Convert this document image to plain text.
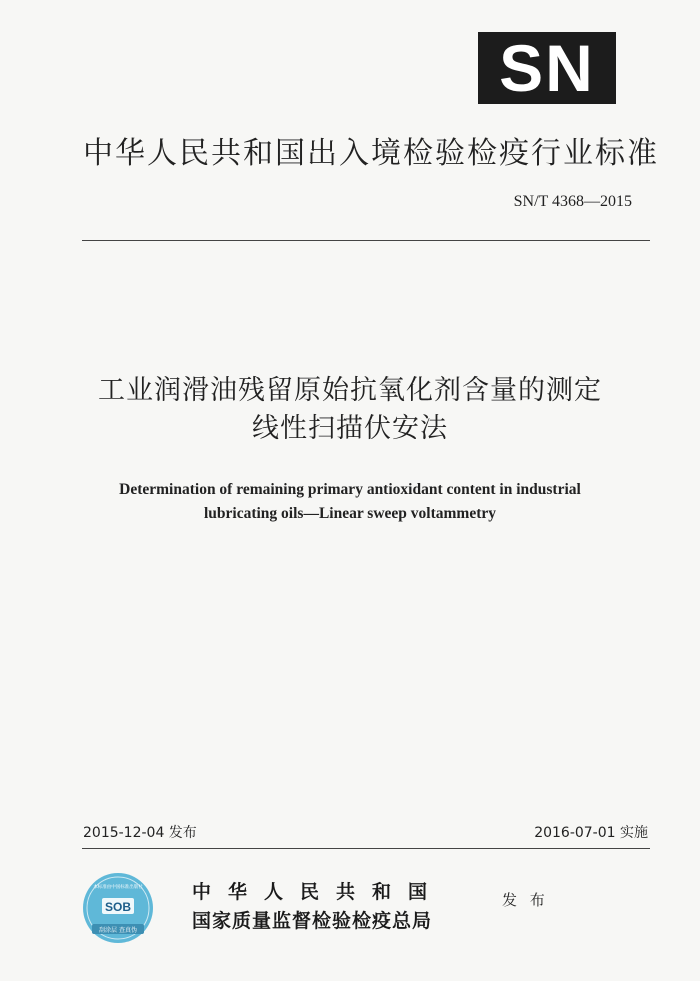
SN
中华人民共和国出入境检验检疫行业标准
SN/T 4368—2015
工业润滑油残留原始抗氧化剂含量的测定
线性扫描伏安法
Determination of remaining primary antioxidant content in industrial
lubricating oils—Linear sweep voltammetry
2015-12-04 发布	2016-07-01 实施
SOB
刮涂层 查真伪
本标准由中国标准出版社	中华人民共和国
国家质量监督检验检疫总局
发 布
